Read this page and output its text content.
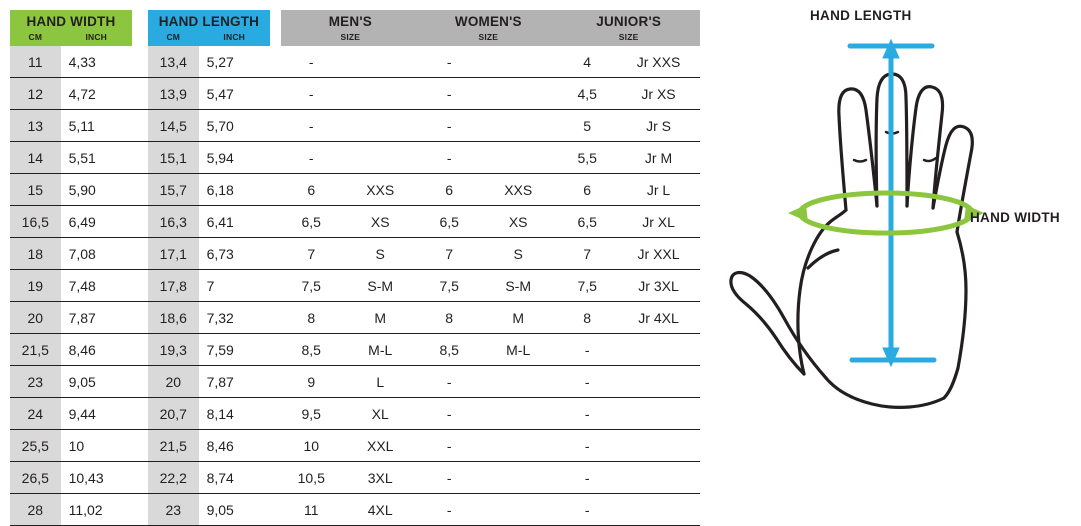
HAND WIDTH			HAND LENGTH			MEN'S		WOMEN'S		JUNIOR'S	
CM	INCH		CM	INCH		SIZE		SIZE		SIZE	
11	4,33		13,4	5,27		-		-		4	Jr XXS
12	4,72		13,9	5,47		-		-		4,5	Jr XS
13	5,11		14,5	5,70		-		-		5	Jr S
14	5,51		15,1	5,94		-		-		5,5	Jr M
15	5,90		15,7	6,18		6	XXS	6	XXS	6	Jr L
16,5	6,49		16,3	6,41		6,5	XS	6,5	XS	6,5	Jr XL
18	7,08		17,1	6,73		7	S	7	S	7	Jr XXL
19	7,48		17,8	7		7,5	S-M	7,5	S-M	7,5	Jr 3XL
20	7,87		18,6	7,32		8	M	8	M	8	Jr 4XL
21,5	8,46		19,3	7,59		8,5	M-L	8,5	M-L	-	
23	9,05		20	7,87		9	L	-		-	
24	9,44		20,7	8,14		9,5	XL	-		-	
25,5	10		21,5	8,46		10	XXL	-		-	
26,5	10,43		22,2	8,74		10,5	3XL	-		-	
28	11,02		23	9,05		11	4XL	-		-	
HAND LENGTH
HAND WIDTH
